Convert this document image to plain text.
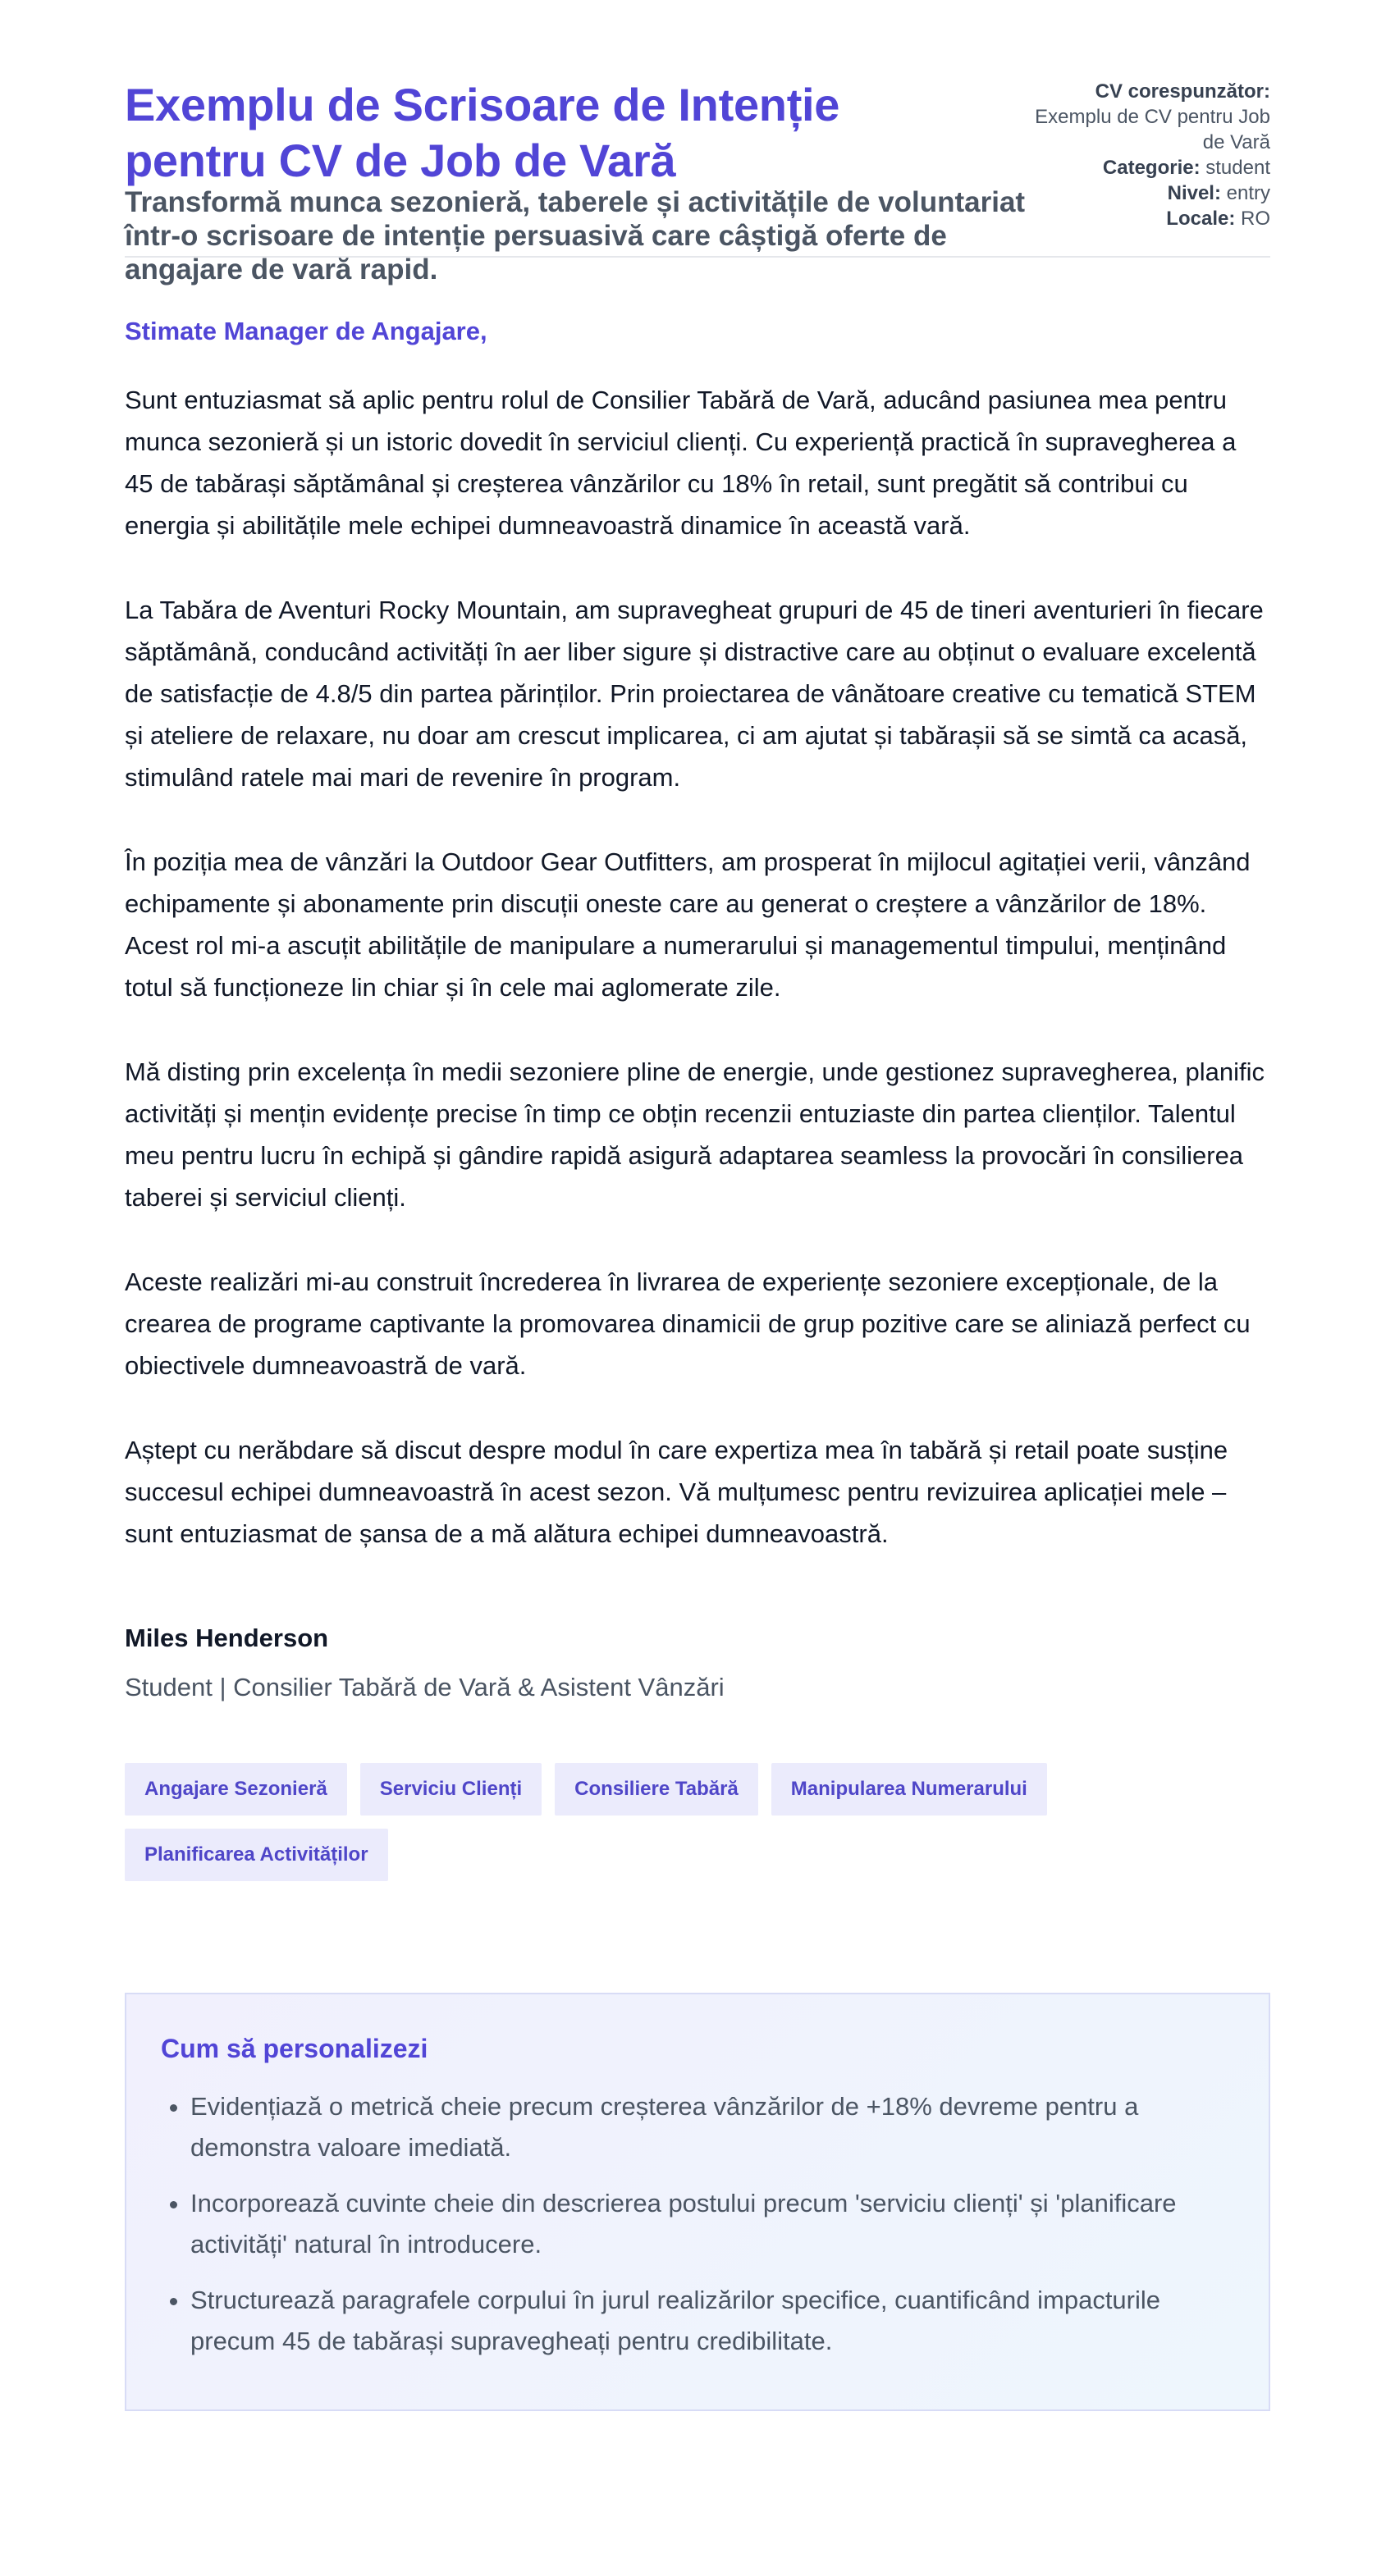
Exemplu de Scrisoare de Intenție pentru CV de Job de Vară

Transformă munca sezonieră, taberele și activitățile de voluntariat într-o scrisoare de intenție persuasivă care câștigă oferte de angajare de vară rapid.

CV corespunzător:
Exemplu de CV pentru Job de Vară
Categorie: student
Nivel: entry
Locale: RO
Stimate Manager de Angajare,

Sunt entuziasmat să aplic pentru rolul de Consilier Tabără de Vară, aducând pasiunea mea pentru munca sezonieră și un istoric dovedit în serviciul clienți. Cu experiență practică în supravegherea a 45 de tabărași săptămânal și creșterea vânzărilor cu 18% în retail, sunt pregătit să contribui cu energia și abilitățile mele echipei dumneavoastră dinamice în această vară.

La Tabăra de Aventuri Rocky Mountain, am supravegheat grupuri de 45 de tineri aventurieri în fiecare săptămână, conducând activități în aer liber sigure și distractive care au obținut o evaluare excelentă de satisfacție de 4.8/5 din partea părinților. Prin proiectarea de vânătoare creative cu tematică STEM și ateliere de relaxare, nu doar am crescut implicarea, ci am ajutat și tabărașii să se simtă ca acasă, stimulând ratele mai mari de revenire în program.

În poziția mea de vânzări la Outdoor Gear Outfitters, am prosperat în mijlocul agitației verii, vânzând echipamente și abonamente prin discuții oneste care au generat o creștere a vânzărilor de 18%. Acest rol mi-a ascuțit abilitățile de manipulare a numerarului și managementul timpului, menținând totul să funcționeze lin chiar și în cele mai aglomerate zile.

Mă disting prin excelența în medii sezoniere pline de energie, unde gestionez supravegherea, planific activități și mențin evidențe precise în timp ce obțin recenzii entuziaste din partea clienților. Talentul meu pentru lucru în echipă și gândire rapidă asigură adaptarea seamless la provocări în consilierea taberei și serviciul clienți.

Aceste realizări mi-au construit încrederea în livrarea de experiențe sezoniere excepționale, de la crearea de programe captivante la promovarea dinamicii de grup pozitive care se aliniază perfect cu obiectivele dumneavoastră de vară.

Aștept cu nerăbdare să discut despre modul în care expertiza mea în tabără și retail poate susține succesul echipei dumneavoastră în acest sezon. Vă mulțumesc pentru revizuirea aplicației mele – sunt entuziasmat de șansa de a mă alătura echipei dumneavoastră.

Miles Henderson

Student | Consilier Tabără de Vară & Asistent Vânzări

Angajare Sezonieră	Serviciu Clienți	Consiliere Tabără	Manipularea Numerarului
Planificarea Activităților
Cum să personalizezi
• Evidențiază o metrică cheie precum creșterea vânzărilor de +18% devreme pentru a demonstra valoare imediată.
• Incorporează cuvinte cheie din descrierea postului precum 'serviciu clienți' și 'planificare activități' natural în introducere.
• Structurează paragrafele corpului în jurul realizărilor specifice, cuantificând impacturile precum 45 de tabărași supravegheați pentru credibilitate.
